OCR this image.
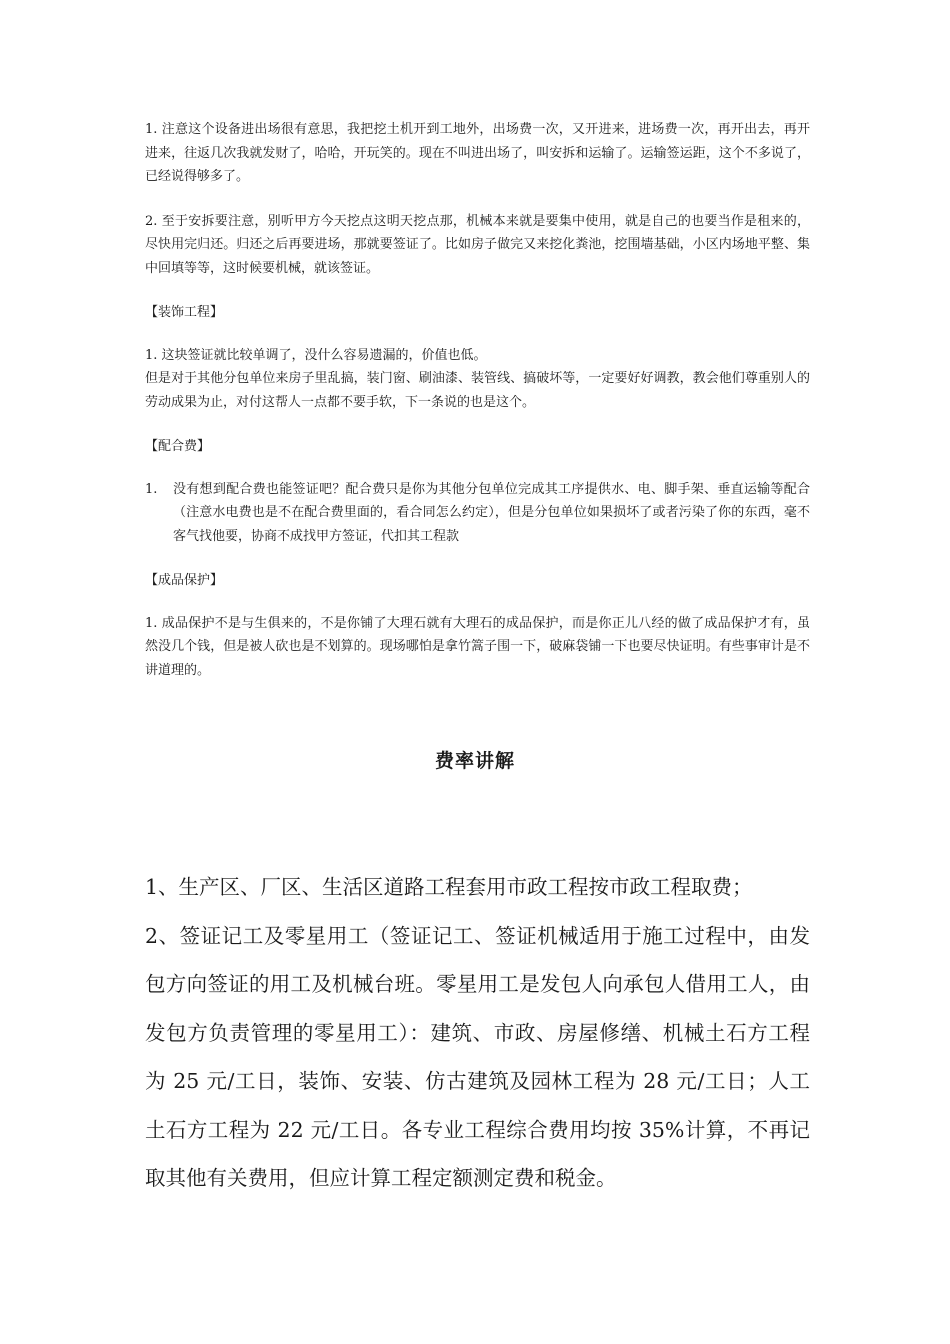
1. 注意这个设备进出场很有意思，我把挖土机开到工地外，出场费一次，又开进来，进场费一次，再开出去，再开进来，往返几次我就发财了，哈哈，开玩笑的。现在不叫进出场了，叫安拆和运输了。运输签运距，这个不多说了，已经说得够多了。

2. 至于安拆要注意，别听甲方今天挖点这明天挖点那，机械本来就是要集中使用，就是自己的也要当作是租来的，尽快用完归还。归还之后再要进场，那就要签证了。比如房子做完又来挖化粪池，挖围墙基础，小区内场地平整、集中回填等等，这时候要机械，就该签证。

【装饰工程】

1. 这块签证就比较单调了，没什么容易遗漏的，价值也低。

但是对于其他分包单位来房子里乱搞，装门窗、刷油漆、装管线、搞破坏等，一定要好好调教，教会他们尊重别人的劳动成果为止，对付这帮人一点都不要手软，下一条说的也是这个。

【配合费】

1.	没有想到配合费也能签证吧？配合费只是你为其他分包单位完成其工序提供水、电、脚手架、垂直运输等配合（注意水电费也是不在配合费里面的，看合同怎么约定），但是分包单位如果损坏了或者污染了你的东西，毫不客气找他要，协商不成找甲方签证，代扣其工程款

【成品保护】

1. 成品保护不是与生俱来的，不是你铺了大理石就有大理石的成品保护，而是你正儿八经的做了成品保护才有，虽然没几个钱，但是被人砍也是不划算的。现场哪怕是拿竹篙子围一下，破麻袋铺一下也要尽快证明。有些事审计是不讲道理的。

费率讲解

1、生产区、厂区、生活区道路工程套用市政工程按市政工程取费；

2、签证记工及零星用工（签证记工、签证机械适用于施工过程中，由发包方向签证的用工及机械台班。零星用工是发包人向承包人借用工人，由发包方负责管理的零星用工）：建筑、市政、房屋修缮、机械土石方工程为 25 元/工日，装饰、安装、仿古建筑及园林工程为 28 元/工日；人工土石方工程为 22 元/工日。各专业工程综合费用均按 35%计算，不再记取其他有关费用，但应计算工程定额测定费和税金。
